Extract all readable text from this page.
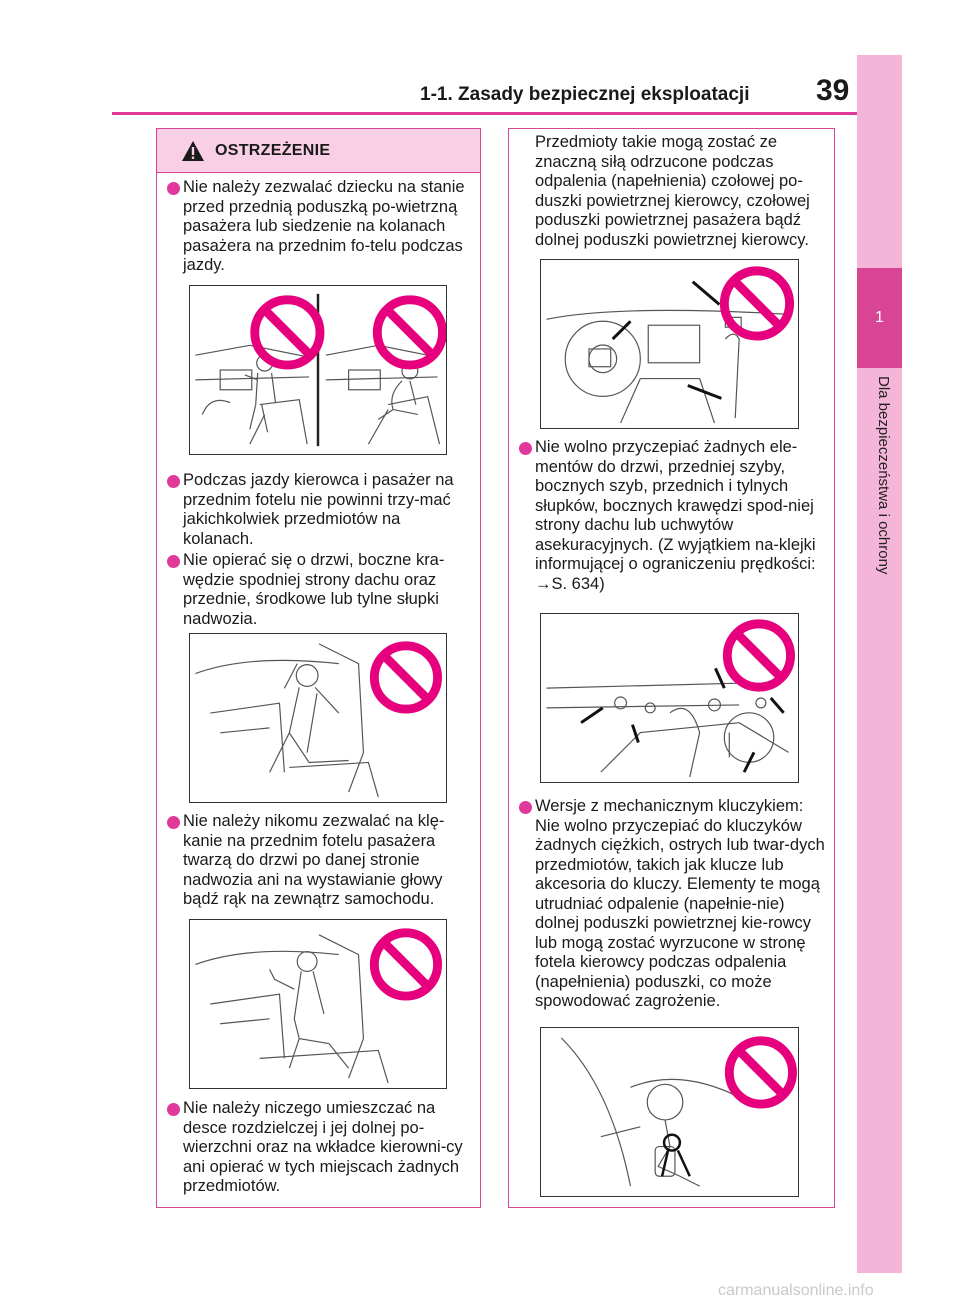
1-1. Zasady bezpiecznej eksploatacji 39
1
Dla bezpieczeństwa i ochrony
OSTRZEŻENIE
Nie należy zezwalać dziecku na stanie przed przednią poduszką po-wietrzną pasażera lub siedzenie na kolanach pasażera na przednim fo-telu podczas jazdy.
Podczas jazdy kierowca i pasażer na przednim fotelu nie powinni trzy-mać jakichkolwiek przedmiotów na kolanach.
Nie opierać się o drzwi, boczne kra-wędzie spodniej strony dachu oraz przednie, środkowe lub tylne słupki nadwozia.
Nie należy nikomu zezwalać na klę-kanie na przednim fotelu pasażera twarzą do drzwi po danej stronie nadwozia ani na wystawianie głowy bądź rąk na zewnątrz samochodu.
Nie należy niczego umieszczać na desce rozdzielczej i jej dolnej po-wierzchni oraz na wkładce kierowni-cy ani opierać w tych miejscach żadnych przedmiotów.
Przedmioty takie mogą zostać ze znaczną siłą odrzucone podczas odpalenia (napełnienia) czołowej po-duszki powietrznej kierowcy, czołowej poduszki powietrznej pasażera bądź dolnej poduszki powietrznej kierowcy.
Nie wolno przyczepiać żadnych ele-mentów do drzwi, przedniej szyby, bocznych szyb, przednich i tylnych słupków, bocznych krawędzi spod-niej strony dachu lub uchwytów asekuracyjnych. (Z wyjątkiem na-klejki informującej o ograniczeniu prędkości: →S. 634)
Wersje z mechanicznym kluczykiem: Nie wolno przyczepiać do kluczyków żadnych ciężkich, ostrych lub twar-dych przedmiotów, takich jak klucze lub akcesoria do kluczy. Elementy te mogą utrudniać odpalenie (napełnie-nie) dolnej poduszki powietrznej kie-rowcy lub mogą zostać wyrzucone w stronę fotela kierowcy podczas odpalenia (napełnienia) poduszki, co może spowodować zagrożenie.
carmanualsonline.info
